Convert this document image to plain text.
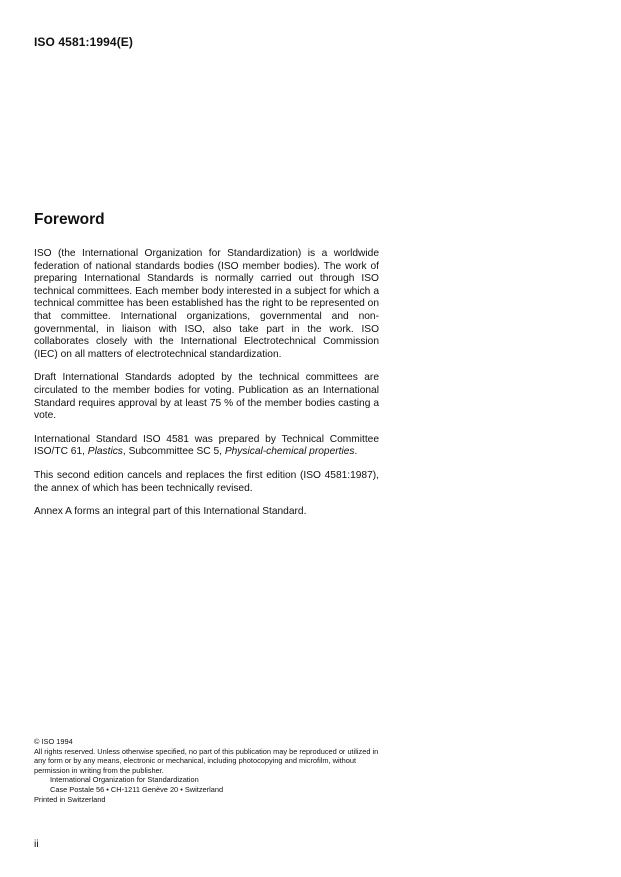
ISO 4581:1994(E)
Foreword

ISO (the International Organization for Standardization) is a worldwide federation of national standards bodies (ISO member bodies). The work of preparing International Standards is normally carried out through ISO technical committees. Each member body interested in a subject for which a technical committee has been established has the right to be represented on that committee. International organizations, governmental and non-governmental, in liaison with ISO, also take part in the work. ISO collaborates closely with the International Electrotechnical Commission (IEC) on all matters of electrotechnical standardization.

Draft International Standards adopted by the technical committees are circulated to the member bodies for voting. Publication as an International Standard requires approval by at least 75 % of the member bodies casting a vote.

International Standard ISO 4581 was prepared by Technical Committee ISO/TC 61, Plastics, Subcommittee SC 5, Physical-chemical properties.

This second edition cancels and replaces the first edition (ISO 4581:1987), the annex of which has been technically revised.

Annex A forms an integral part of this International Standard.

© ISO 1994

All rights reserved. Unless otherwise specified, no part of this publication may be reproduced or utilized in any form or by any means, electronic or mechanical, including photocopying and microfilm, without permission in writing from the publisher.

International Organization for Standardization

Case Postale 56 • CH-1211 Genève 20 • Switzerland

Printed in Switzerland

ii
